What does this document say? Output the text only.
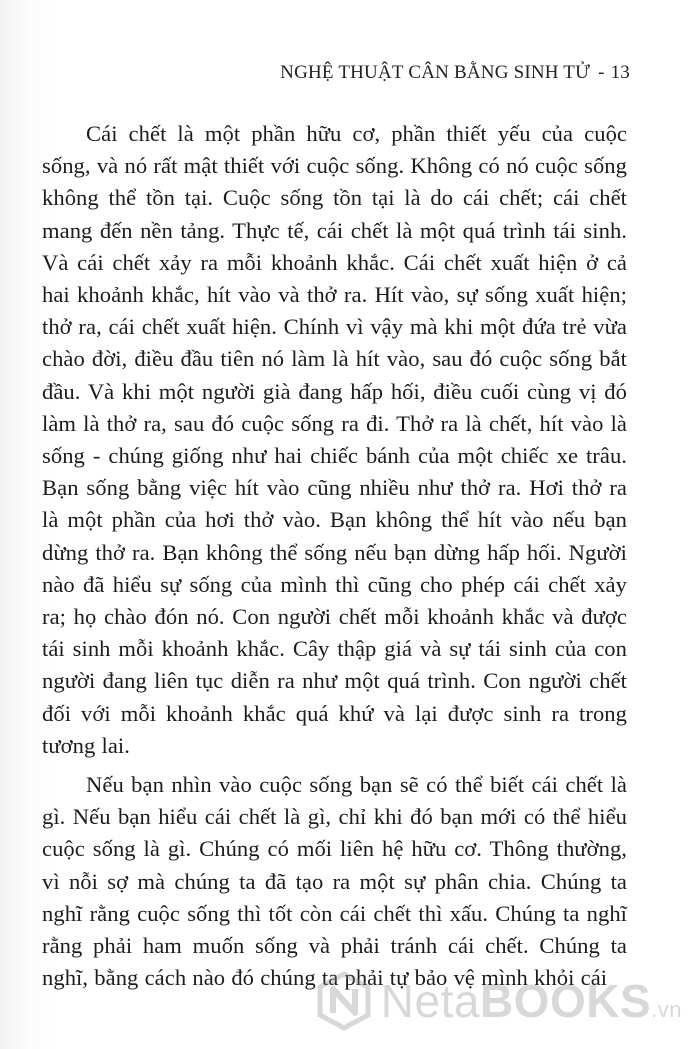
NGHỆ THUẬT CÂN BẰNG SINH TỬ - 13

Cái chết là một phần hữu cơ, phần thiết yếu của cuộc sống, và nó rất mật thiết với cuộc sống. Không có nó cuộc sống không thể tồn tại. Cuộc sống tồn tại là do cái chết; cái chết mang đến nền tảng. Thực tế, cái chết là một quá trình tái sinh. Và cái chết xảy ra mỗi khoảnh khắc. Cái chết xuất hiện ở cả hai khoảnh khắc, hít vào và thở ra. Hít vào, sự sống xuất hiện; thở ra, cái chết xuất hiện. Chính vì vậy mà khi một đứa trẻ vừa chào đời, điều đầu tiên nó làm là hít vào, sau đó cuộc sống bắt đầu. Và khi một người già đang hấp hối, điều cuối cùng vị đó làm là thở ra, sau đó cuộc sống ra đi. Thở ra là chết, hít vào là sống - chúng giống như hai chiếc bánh của một chiếc xe trâu. Bạn sống bằng việc hít vào cũng nhiều như thở ra. Hơi thở ra là một phần của hơi thở vào. Bạn không thể hít vào nếu bạn dừng thở ra. Bạn không thể sống nếu bạn dừng hấp hối. Người nào đã hiểu sự sống của mình thì cũng cho phép cái chết xảy ra; họ chào đón nó. Con người chết mỗi khoảnh khắc và được tái sinh mỗi khoảnh khắc. Cây thập giá và sự tái sinh của con người đang liên tục diễn ra như một quá trình. Con người chết đối với mỗi khoảnh khắc quá khứ và lại được sinh ra trong tương lai.

Nếu bạn nhìn vào cuộc sống bạn sẽ có thể biết cái chết là gì. Nếu bạn hiểu cái chết là gì, chỉ khi đó bạn mới có thể hiểu cuộc sống là gì. Chúng có mối liên hệ hữu cơ. Thông thường, vì nỗi sợ mà chúng ta đã tạo ra một sự phân chia. Chúng ta nghĩ rằng cuộc sống thì tốt còn cái chết thì xấu. Chúng ta nghĩ rằng phải ham muốn sống và phải tránh cái chết. Chúng ta nghĩ, bằng cách nào đó chúng ta phải tự bảo vệ mình khỏi cái

NetaBOOKS.vn
